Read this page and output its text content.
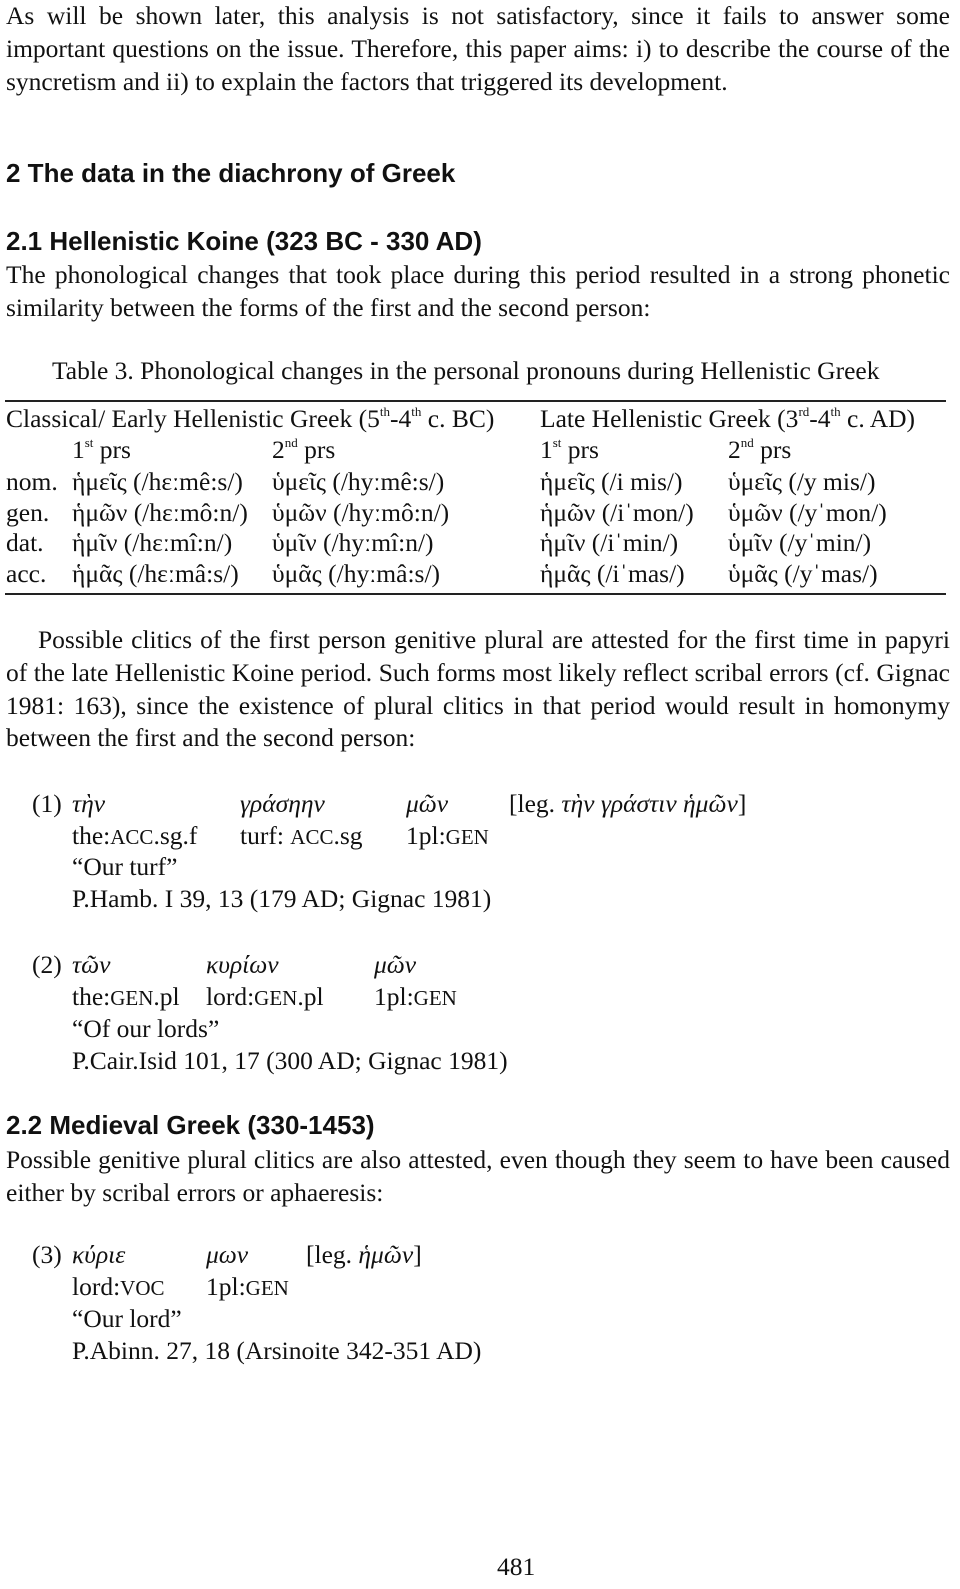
As will be shown later, this analysis is not satisfactory, since it fails to answer some important questions on the issue. Therefore, this paper aims: i) to describe the course of the syncretism and ii) to explain the factors that triggered its development.
2 The data in the diachrony of Greek
2.1 Hellenistic Koine (323 BC - 330 AD)
The phonological changes that took place during this period resulted in a strong phonetic similarity between the forms of the first and the second person:
Table 3. Phonological changes in the personal pronouns during Hellenistic Greek
Classical/ Early Hellenistic Greek (5th-4th c. BC) Late Hellenistic Greek (3rd-4th c. AD)
1st prs	2nd prs	1st prs	2nd prs
nom. ἡμεῖς (/hεːmê:s/) ὑμεῖς (/hyːmê:s/)	ἡμεῖς (/i mis/) ὑμεῖς (/y mis/)
gen. ἡμῶν (/hεːmô:n/) ὑμῶν (/hyːmô:n/)	ἡμῶν (/iˈmon/) ὑμῶν (/yˈmon/)
dat. ἡμῖν (/hεːmî:n/) ὑμῖν (/hyːmî:n/)	ἡμῖν (/iˈmin/) ὑμῖν (/yˈmin/)
acc. ἡμᾶς (/hεːmâ:s/) ὑμᾶς (/hyːmâ:s/)	ἡμᾶς (/iˈmas/) ὑμᾶς (/yˈmas/)
Possible clitics of the first person genitive plural are attested for the first time in papyri of the late Hellenistic Koine period. Such forms most likely reflect scribal errors (cf. Gignac 1981: 163), since the existence of plural clitics in that period would result in homonymy between the first and the second person:
(1) τὴν	γράσηην	μῶν [leg. τὴν γράστιν ἡμῶν]
the:ACC.sg.f turf: ACC.sg 1pl:GEN
“Our turf”
P.Hamb. I 39, 13 (179 AD; Gignac 1981)
(2) τῶν	κυρίων	μῶν
the:GEN.pl lord:GEN.pl 1pl:GEN
“Of our lords”
P.Cair.Isid 101, 17 (300 AD; Gignac 1981)
2.2 Medieval Greek (330-1453)
Possible genitive plural clitics are also attested, even though they seem to have been caused either by scribal errors or aphaeresis:
(3) κύριε	μων [leg. ἡμῶν]
lord:VOC 1pl:GEN
“Our lord”
P.Abinn. 27, 18 (Arsinoite 342-351 AD)
481
